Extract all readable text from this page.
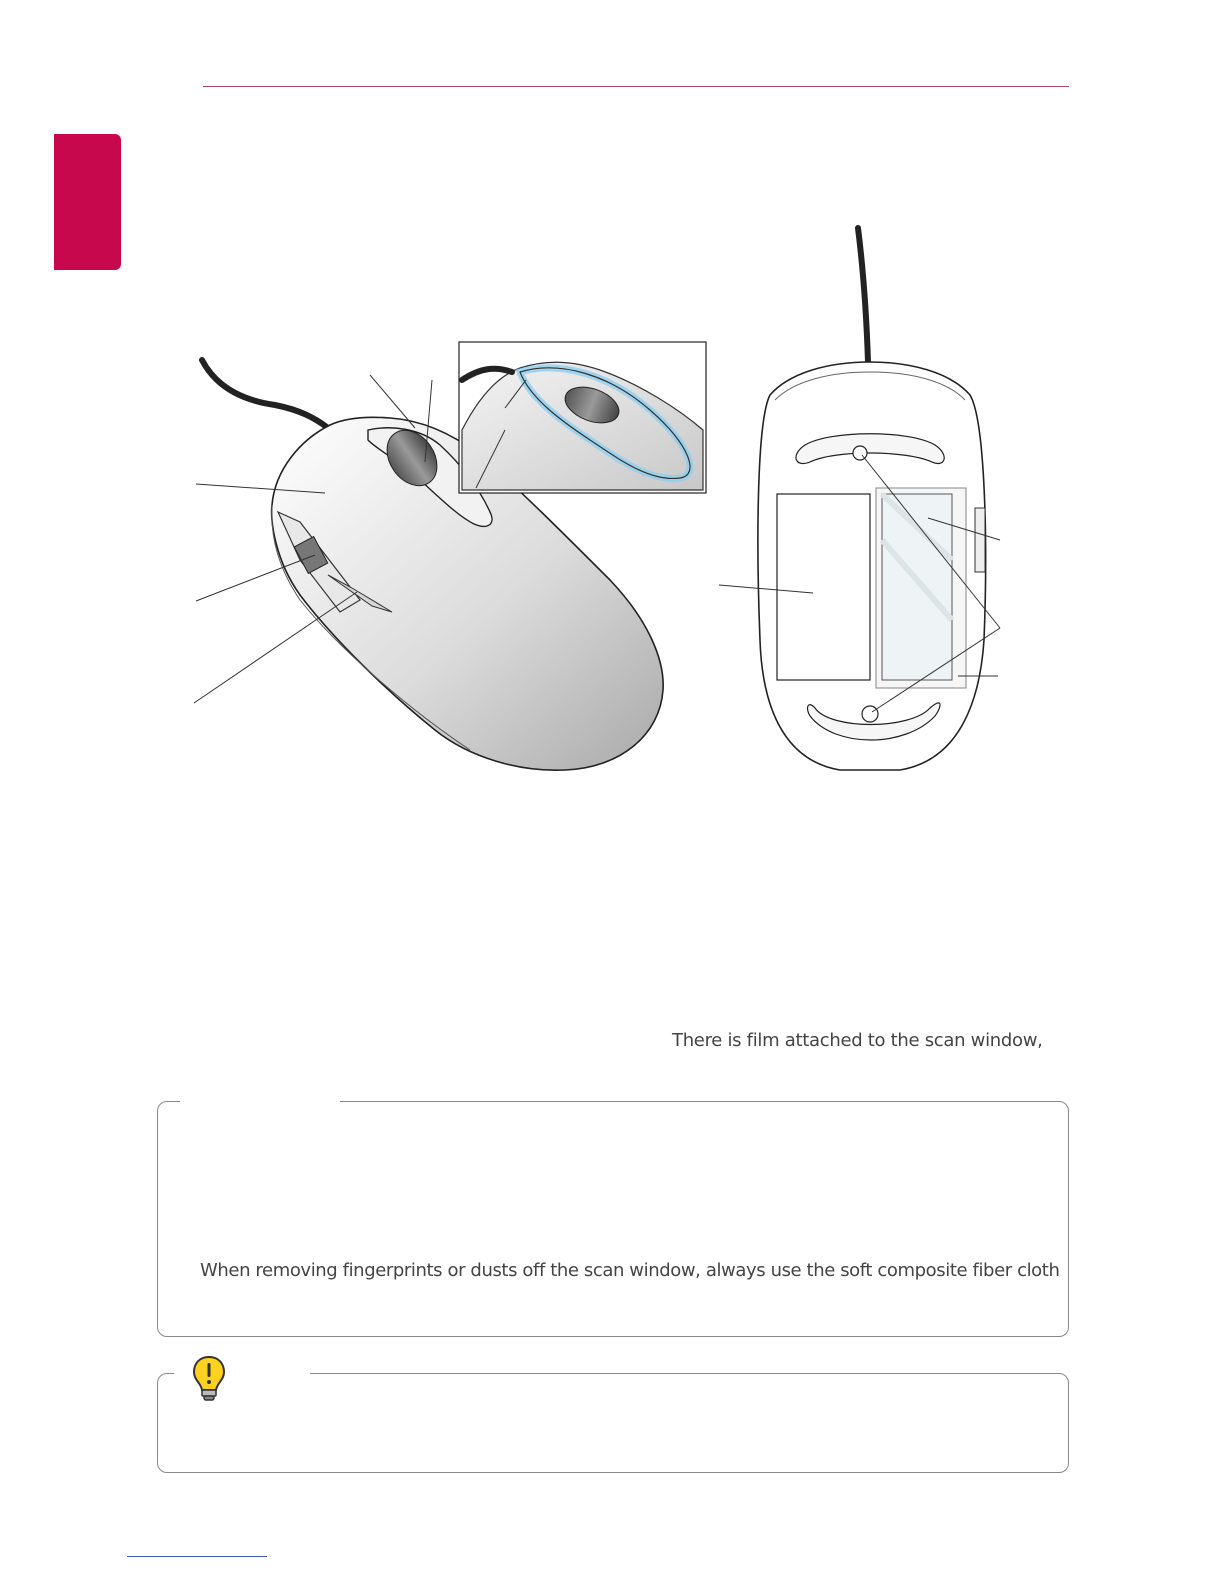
There is film attached to the scan window,
When removing fingerprints or dusts off the scan window, always use the soft composite fiber cloth
